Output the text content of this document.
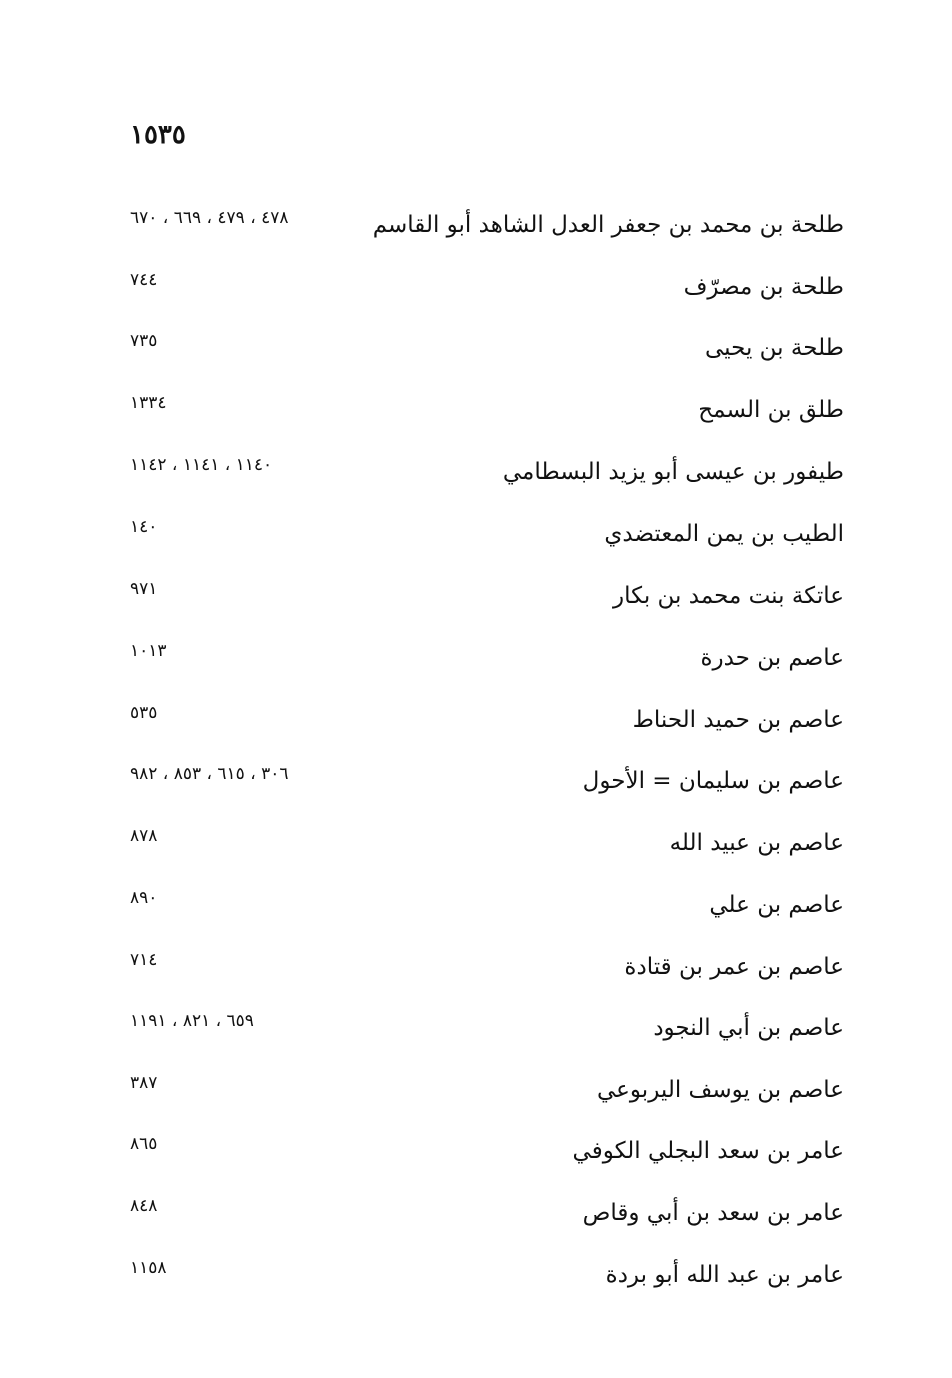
١٥٣٥
طلحة بن محمد بن جعفر العدل الشاهد أبو القاسم
٤٧٨ ، ٤٧٩ ، ٦٦٩ ، ٦٧٠
طلحة بن مصرّف
٧٤٤
طلحة بن يحيى
٧٣٥
طلق بن السمح
١٣٣٤
طيفور بن عيسى أبو يزيد البسطامي
١١٤٠ ، ١١٤١ ، ١١٤٢
الطيب بن يمن المعتضدي
١٤٠
عاتكة بنت محمد بن بكار
٩٧١
عاصم بن حدرة
١٠١٣
عاصم بن حميد الحناط
٥٣٥
عاصم بن سليمان = الأحول
٣٠٦ ، ٦١٥ ، ٨٥٣ ، ٩٨٢
عاصم بن عبيد الله
٨٧٨
عاصم بن علي
٨٩٠
عاصم بن عمر بن قتادة
٧١٤
عاصم بن أبي النجود
٦٥٩ ، ٨٢١ ، ١١٩١
عاصم بن يوسف اليربوعي
٣٨٧
عامر بن سعد البجلي الكوفي
٨٦٥
عامر بن سعد بن أبي وقاص
٨٤٨
عامر بن عبد الله أبو بردة
١١٥٨
